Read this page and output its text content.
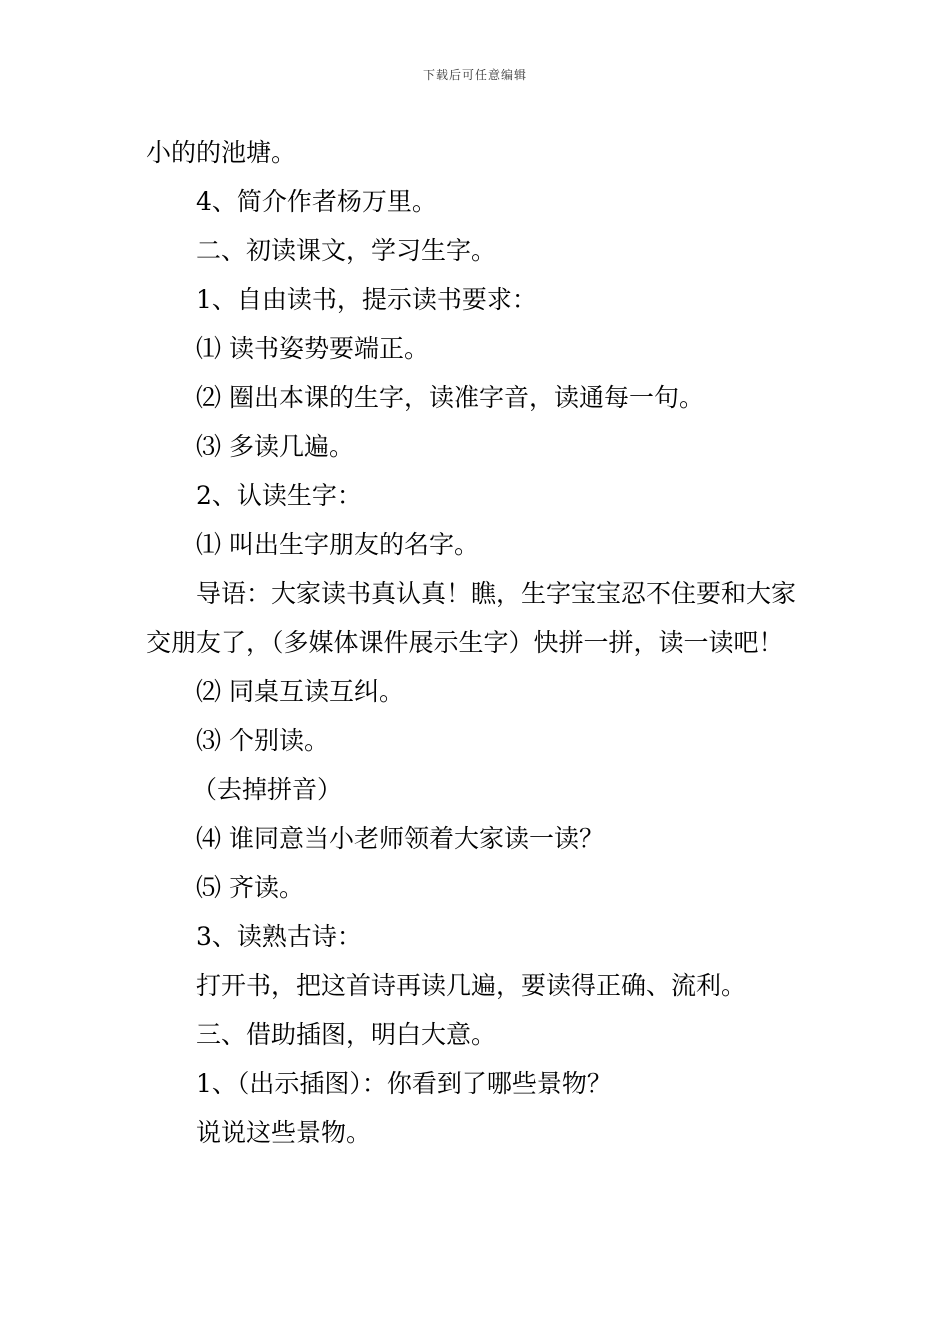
下载后可任意编辑

小的的池塘。

4、简介作者杨万里。

二、初读课文，学习生字。

1、自由读书，提示读书要求：

⑴ 读书姿势要端正。

⑵ 圈出本课的生字，读准字音，读通每一句。

⑶ 多读几遍。

2、认读生字：

⑴ 叫出生字朋友的名字。

导语：大家读书真认真！瞧，生字宝宝忍不住要和大家交朋友了，（多媒体课件展示生字）快拼一拼，读一读吧！

⑵ 同桌互读互纠。

⑶ 个别读。

（去掉拼音）

⑷ 谁同意当小老师领着大家读一读？

⑸ 齐读。

3、读熟古诗：

打开书，把这首诗再读几遍，要读得正确、流利。

三、借助插图，明白大意。

1、（出示插图）：你看到了哪些景物？

说说这些景物。
